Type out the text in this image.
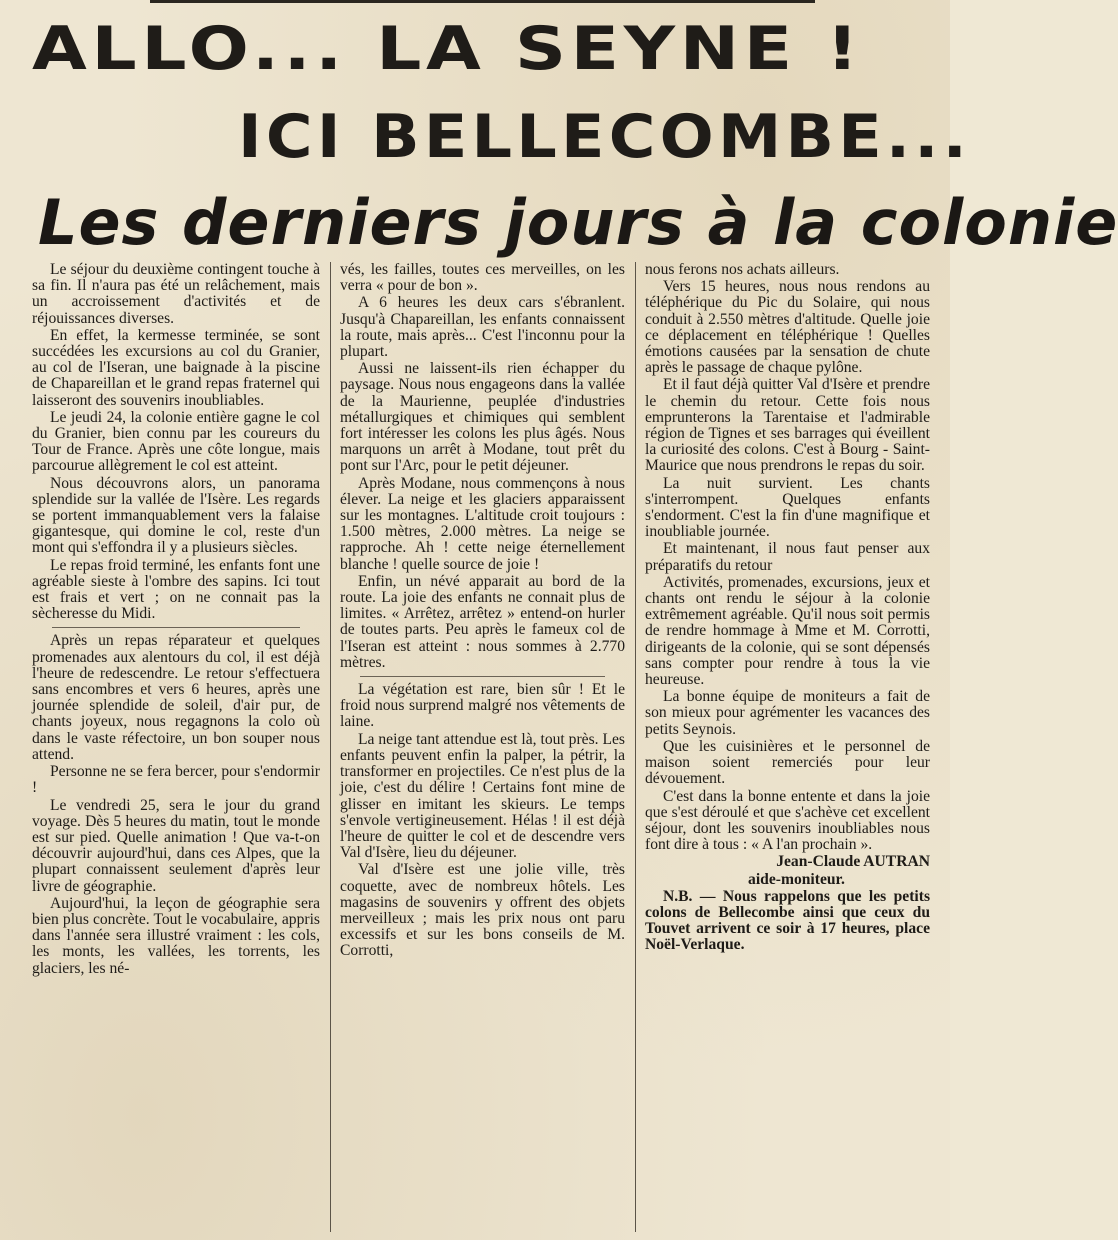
ALLO... LA SEYNE !
ICI BELLECOMBE...
Les derniers jours à la colonie

Le séjour du deuxième contingent touche à sa fin. Il n'aura pas été un relâchement, mais un accroissement d'activités et de réjouissances diverses.

En effet, la kermesse terminée, se sont succédées les excursions au col du Granier, au col de l'Iseran, une baignade à la piscine de Chapareillan et le grand repas fraternel qui laisseront des souvenirs inoubliables.

Le jeudi 24, la colonie entière gagne le col du Granier, bien connu par les coureurs du Tour de France. Après une côte longue, mais parcourue allègrement le col est atteint.

Nous découvrons alors, un panorama splendide sur la vallée de l'Isère. Les regards se portent immanquablement vers la falaise gigantesque, qui domine le col, reste d'un mont qui s'effondra il y a plusieurs siècles.

Le repas froid terminé, les enfants font une agréable sieste à l'ombre des sapins. Ici tout est frais et vert ; on ne connait pas la sècheresse du Midi.

Après un repas réparateur et quelques promenades aux alentours du col, il est déjà l'heure de redescendre. Le retour s'effectuera sans encombres et vers 6 heures, après une journée splendide de soleil, d'air pur, de chants joyeux, nous regagnons la colo où dans le vaste réfectoire, un bon souper nous attend.

Personne ne se fera bercer, pour s'endormir !

Le vendredi 25, sera le jour du grand voyage. Dès 5 heures du matin, tout le monde est sur pied. Quelle animation ! Que va-t-on découvrir aujourd'hui, dans ces Alpes, que la plupart connaissent seulement d'après leur livre de géographie.

Aujourd'hui, la leçon de géographie sera bien plus concrète. Tout le vocabulaire, appris dans l'année sera illustré vraiment : les cols, les monts, les vallées, les torrents, les glaciers, les né-

vés, les failles, toutes ces merveilles, on les verra « pour de bon ».

A 6 heures les deux cars s'ébranlent. Jusqu'à Chapareillan, les enfants connaissent la route, mais après... C'est l'inconnu pour la plupart.

Aussi ne laissent-ils rien échapper du paysage. Nous nous engageons dans la vallée de la Maurienne, peuplée d'industries métallurgiques et chimiques qui semblent fort intéresser les colons les plus âgés. Nous marquons un arrêt à Modane, tout prêt du pont sur l'Arc, pour le petit déjeuner.

Après Modane, nous commençons à nous élever. La neige et les glaciers apparaissent sur les montagnes. L'altitude croit toujours : 1.500 mètres, 2.000 mètres. La neige se rapproche. Ah ! cette neige éternellement blanche ! quelle source de joie !

Enfin, un névé apparait au bord de la route. La joie des enfants ne connait plus de limites. « Arrêtez, arrêtez » entend-on hurler de toutes parts. Peu après le fameux col de l'Iseran est atteint : nous sommes à 2.770 mètres.

La végétation est rare, bien sûr ! Et le froid nous surprend malgré nos vêtements de laine.

La neige tant attendue est là, tout près. Les enfants peuvent enfin la palper, la pétrir, la transformer en projectiles. Ce n'est plus de la joie, c'est du délire ! Certains font mine de glisser en imitant les skieurs. Le temps s'envole vertigineusement. Hélas ! il est déjà l'heure de quitter le col et de descendre vers Val d'Isère, lieu du déjeuner.

Val d'Isère est une jolie ville, très coquette, avec de nombreux hôtels. Les magasins de souvenirs y offrent des objets merveilleux ; mais les prix nous ont paru excessifs et sur les bons conseils de M. Corrotti,

nous ferons nos achats ailleurs.

Vers 15 heures, nous nous rendons au téléphérique du Pic du Solaire, qui nous conduit à 2.550 mètres d'altitude. Quelle joie ce déplacement en téléphérique ! Quelles émotions causées par la sensation de chute après le passage de chaque pylône.

Et il faut déjà quitter Val d'Isère et prendre le chemin du retour. Cette fois nous emprunterons la Tarentaise et l'admirable région de Tignes et ses barrages qui éveillent la curiosité des colons. C'est à Bourg - Saint-Maurice que nous prendrons le repas du soir.

La nuit survient. Les chants s'interrompent. Quelques enfants s'endorment. C'est la fin d'une magnifique et inoubliable journée.

Et maintenant, il nous faut penser aux préparatifs du retour

Activités, promenades, excursions, jeux et chants ont rendu le séjour à la colonie extrêmement agréable. Qu'il nous soit permis de rendre hommage à Mme et M. Corrotti, dirigeants de la colonie, qui se sont dépensés sans compter pour rendre à tous la vie heureuse.

La bonne équipe de moniteurs a fait de son mieux pour agrémenter les vacances des petits Seynois.

Que les cuisinières et le personnel de maison soient remerciés pour leur dévouement.

C'est dans la bonne entente et dans la joie que s'est déroulé et que s'achève cet excellent séjour, dont les souvenirs inoubliables nous font dire à tous : « A l'an prochain ».

Jean-Claude AUTRAN

aide-moniteur.

N.B. — Nous rappelons que les petits colons de Bellecombe ainsi que ceux du Touvet arrivent ce soir à 17 heures, place Noël-Verlaque.
